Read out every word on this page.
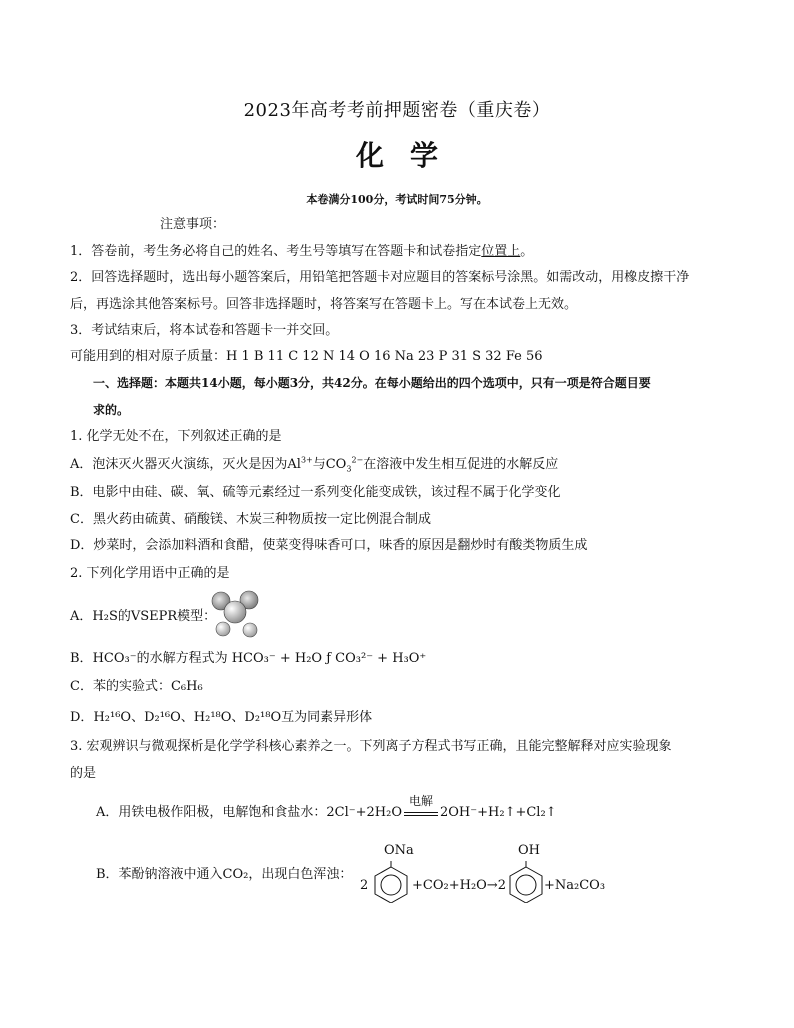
2023年高考考前押题密卷（重庆卷）
化学
本卷满分100分，考试时间75分钟。
注意事项：
1．答卷前，考生务必将自己的姓名、考生号等填写在答题卡和试卷指定位置上。
2．回答选择题时，选出每小题答案后，用铅笔把答题卡对应题目的答案标号涂黑。如需改动，用橡皮擦干净
后，再选涂其他答案标号。回答非选择题时，将答案写在答题卡上。写在本试卷上无效。
3．考试结束后，将本试卷和答题卡一并交回。
可能用到的相对原子质量：H 1 B 11 C 12 N 14 O 16 Na 23 P 31 S 32 Fe 56
一、选择题：本题共14小题，每小题3分，共42分。在每小题给出的四个选项中，只有一项是符合题目要
求的。
1. 化学无处不在，下列叙述正确的是
A．泡沫灭火器灭火演练，灭火是因为$Al^{3+}$与$CO_3^{2-}$在溶液中发生相互促进的水解反应
B．电影中由硅、碳、氧、硫等元素经过一系列变化能变成铁，该过程不属于化学变化
C．黑火药由硫黄、硝酸镁、木炭三种物质按一定比例混合制成
D．炒菜时，会添加料酒和食醋，使菜变得味香可口，味香的原因是翻炒时有酸类物质生成
2. 下列化学用语中正确的是
A．H₂S的VSEPR模型：
B．HCO₃⁻的水解方程式为 HCO₃⁻ + H₂O ƒ CO₃²⁻ + H₃O⁺
C．苯的实验式：C₆H₆
D．H₂¹⁶O、D₂¹⁶O、H₂¹⁸O、D₂¹⁸O互为同素异形体
3. 宏观辨识与微观探析是化学学科核心素养之一。下列离子方程式书写正确，且能完整解释对应实验现象
的是
A．用铁电极作阳极，电解饱和食盐水：2Cl⁻+2H₂O
电解
2OH⁻+H₂↑+Cl₂↑
B．苯酚钠溶液中通入CO₂，出现白色浑浊：
2
ONa
+CO₂+H₂O→2
OH
+Na₂CO₃
